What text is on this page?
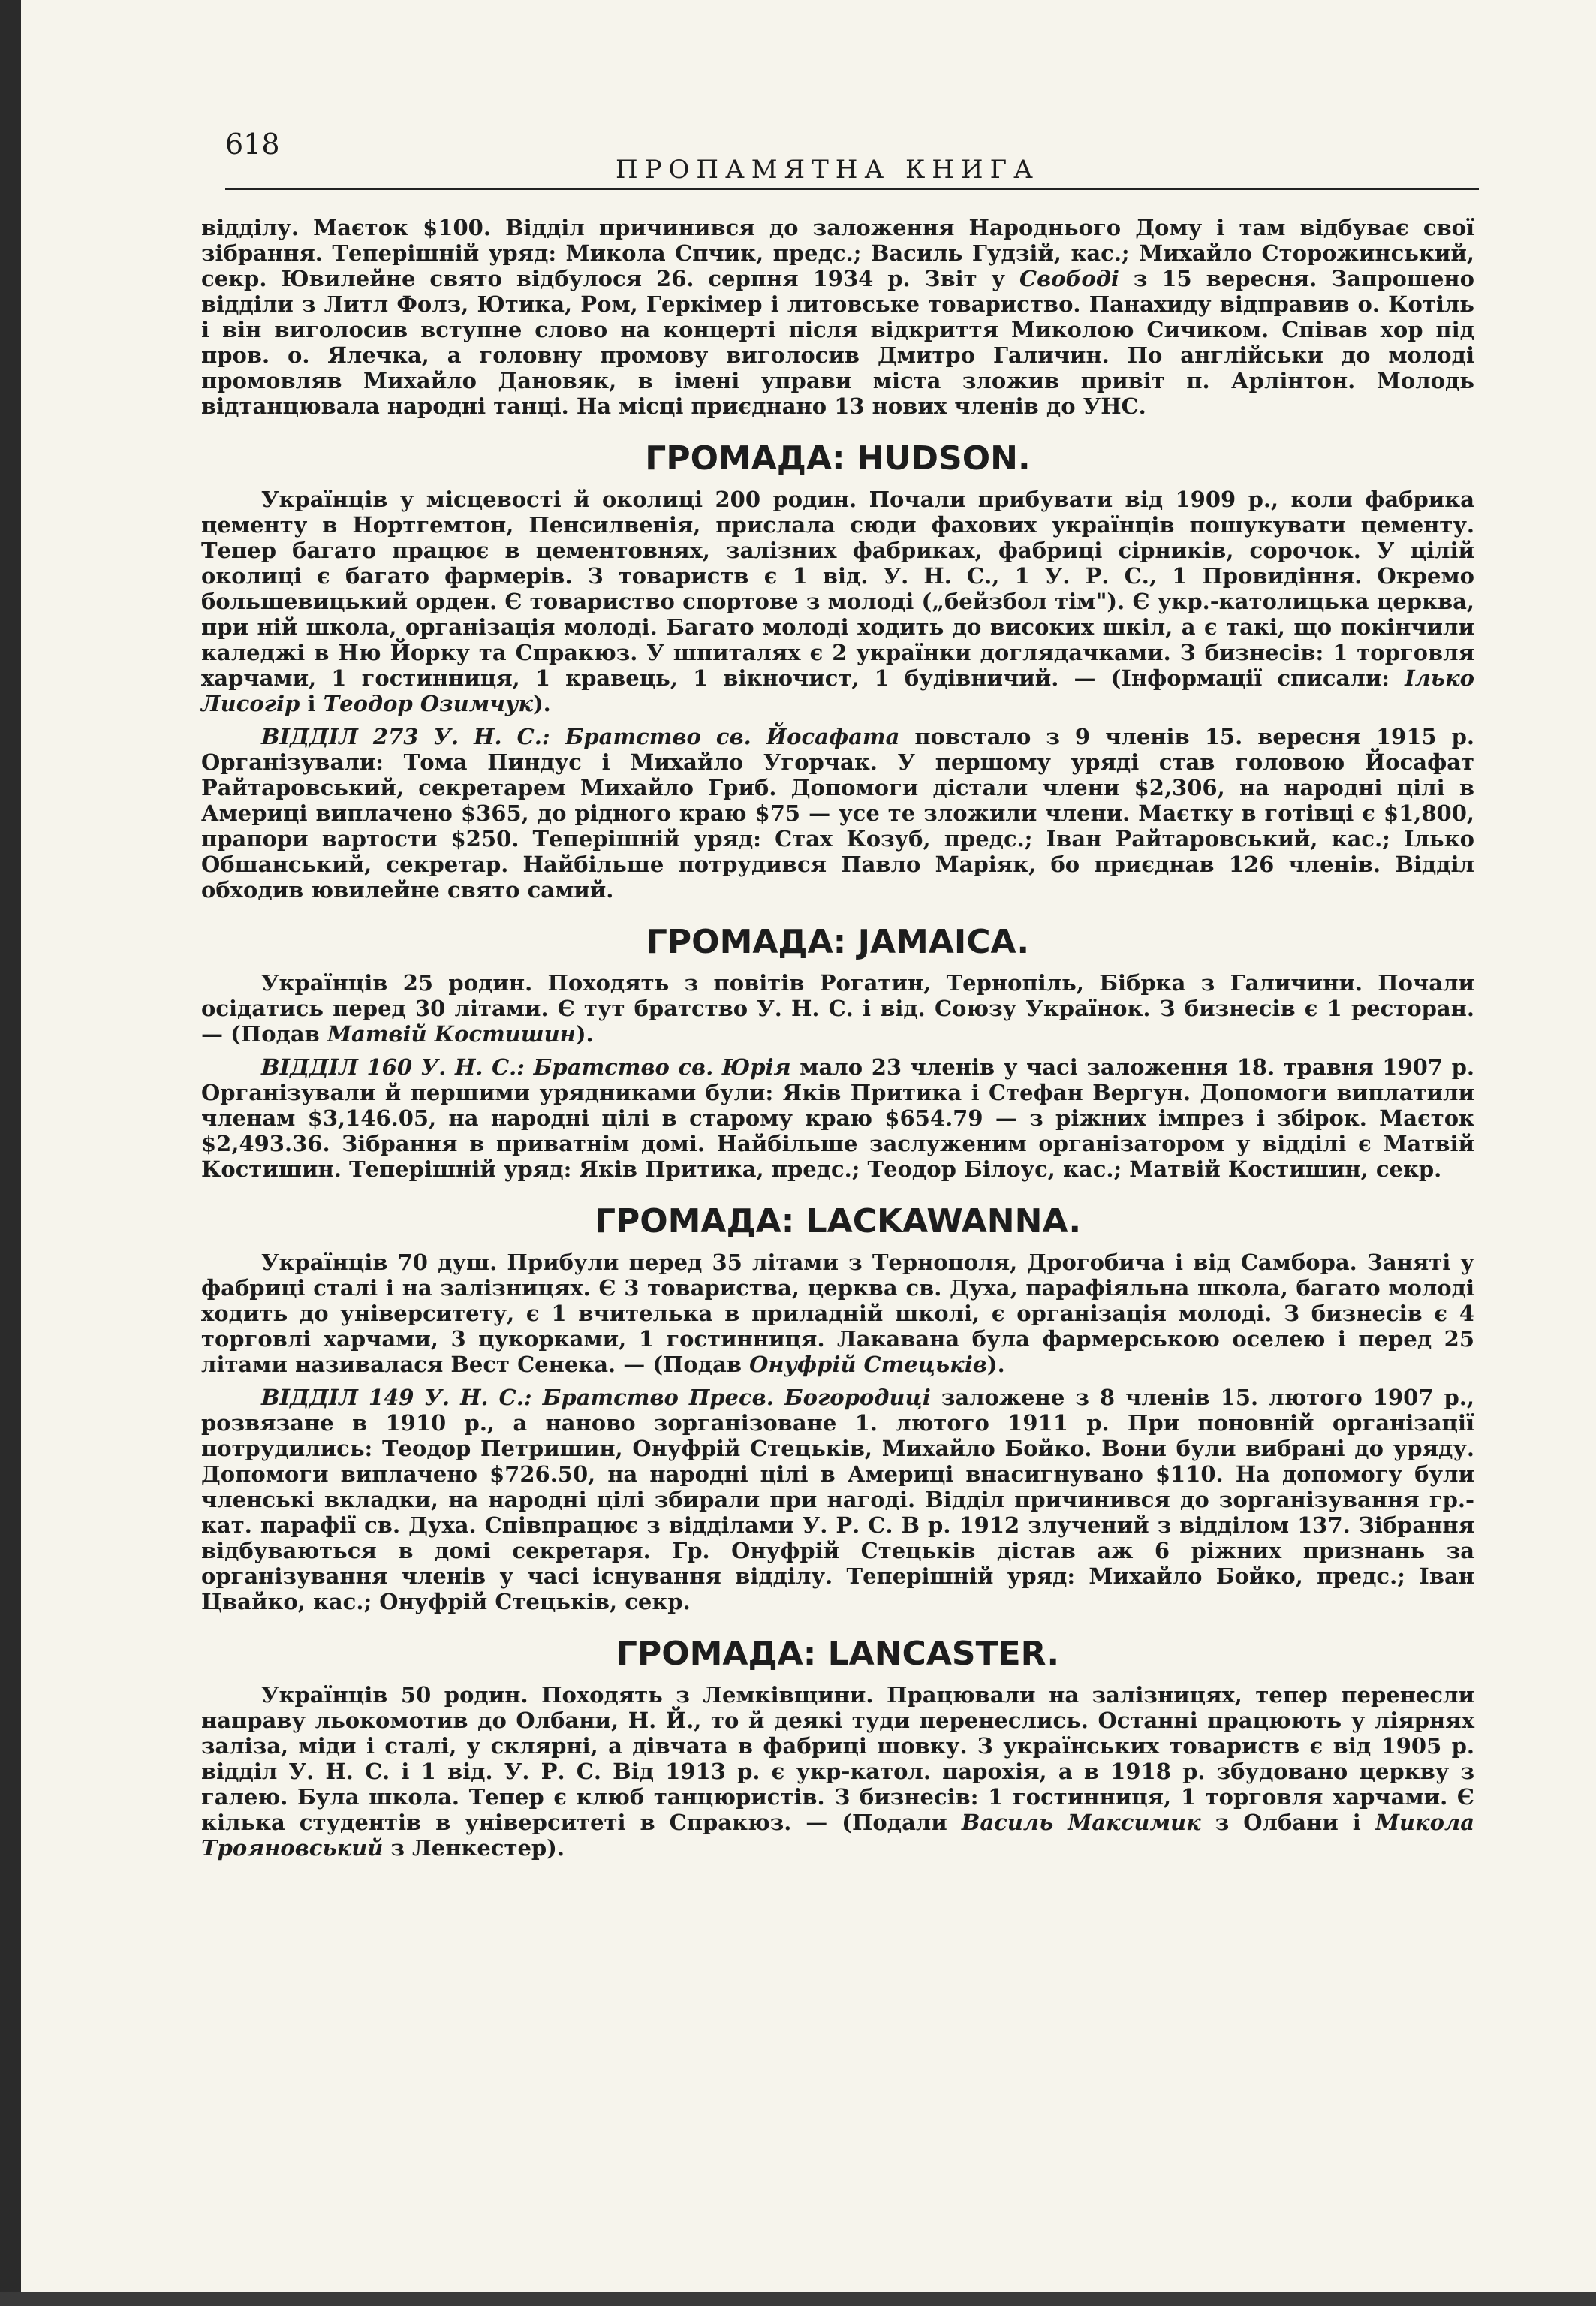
618
ПРОПАМЯТНА КНИГА

відділу. Маєток $100. Відділ причинився до заложення Народнього Дому і там відбуває свої зібрання. Теперішній уряд: Микола Спчик, предс.; Василь Гудзій, кас.; Михайло Сторожинський, секр. Ювилейне свято відбулося 26. серпня 1934 р. Звіт у Свободі з 15 вересня. Запрошено відділи з Литл Фолз, Ютика, Ром, Геркімер і литовське товариство. Панахиду відправив о. Котіль і він виголосив вступне слово на концерті після відкриття Миколою Сичиком. Співав хор під пров. о. Ялечка, а головну промову виголосив Дмитро Галичин. По англійськи до молоді промовляв Михайло Дановяк, в імені управи міста зложив привіт п. Арлінтон. Молодь відтанцювала народні танці. На місці приєднано 13 нових членів до УНС.

ГРОМАДА: HUDSON.

Українців у місцевості й околиці 200 родин. Почали прибувати від 1909 р., коли фабрика цементу в Нортгемтон, Пенсилвенія, прислала сюди фахових українців пошукувати цементу. Тепер багато працює в цементовнях, залізних фабриках, фабриці сірників, сорочок. У цілій околиці є багато фармерів. З товариств є 1 від. У. Н. С., 1 У. Р. С., 1 Провидіння. Окремо большевицький орден. Є товариство спортове з молоді („бейзбол тім"). Є укр.-католицька церква, при ній школа, організація молоді. Багато молоді ходить до високих шкіл, а є такі, що покінчили каледжі в Ню Йорку та Спракюз. У шпиталях є 2 українки доглядачками. З бизнесів: 1 торговля харчами, 1 гостинниця, 1 кравець, 1 вікночист, 1 будівничий. — (Інформації списали: Ілько Лисогір і Теодор Озимчук).

ВІДДІЛ 273 У. Н. С.: Братство св. Йосафата повстало з 9 членів 15. вересня 1915 р. Організували: Тома Пиндус і Михайло Угорчак. У першому уряді став головою Йосафат Райтаровський, секретарем Михайло Гриб. Допомоги дістали члени $2,306, на народні цілі в Америці виплачено $365, до рідного краю $75 — усе те зложили члени. Маєтку в готівці є $1,800, прапори вартости $250. Теперішній уряд: Стах Козуб, предс.; Іван Райтаровський, кас.; Ілько Обшанський, секретар. Найбільше потрудився Павло Маріяк, бо приєднав 126 членів. Відділ обходив ювилейне свято самий.

ГРОМАДА: JAMAICA.

Українців 25 родин. Походять з повітів Рогатин, Тернопіль, Бібрка з Галичини. Почали осідатись перед 30 літами. Є тут братство У. Н. С. і від. Союзу Українок. З бизнесів є 1 ресторан. — (Подав Матвій Костишин).

ВІДДІЛ 160 У. Н. С.: Братство св. Юрія мало 23 членів у часі заложення 18. травня 1907 р. Організували й першими урядниками були: Яків Притика і Стефан Вергун. Допомоги виплатили членам $3,146.05, на народні цілі в старому краю $654.79 — з ріжних імпрез і збірок. Маєток $2,493.36. Зібрання в приватнім домі. Найбільше заслуженим організатором у відділі є Матвій Костишин. Теперішній уряд: Яків Притика, предс.; Теодор Білоус, кас.; Матвій Костишин, секр.

ГРОМАДА: LACKAWANNA.

Українців 70 душ. Прибули перед 35 літами з Тернополя, Дрогобича і від Самбора. Заняті у фабриці сталі і на залізницях. Є 3 товариства, церква св. Духа, парафіяльна школа, багато молоді ходить до університету, є 1 вчителька в приладній школі, є організація молоді. З бизнесів є 4 торговлі харчами, 3 цукорками, 1 гостинниця. Лакавана була фармерською оселею і перед 25 літами називалася Вест Сенека. — (Подав Онуфрій Стецьків).

ВІДДІЛ 149 У. Н. С.: Братство Пресв. Богородиці заложене з 8 членів 15. лютого 1907 р., розвязане в 1910 р., а наново зорганізоване 1. лютого 1911 р. При поновній організації потрудились: Теодор Петришин, Онуфрій Стецьків, Михайло Бойко. Вони були вибрані до уряду. Допомоги виплачено $726.50, на народні цілі в Америці внасигнувано $110. На допомогу були членські вкладки, на народні цілі збирали при нагоді. Відділ причинився до зорганізування гр.-кат. парафії св. Духа. Співпрацює з відділами У. Р. С. В р. 1912 злучений з відділом 137. Зібрання відбуваються в домі секретаря. Гр. Онуфрій Стецьків дістав аж 6 ріжних признань за організування членів у часі існування відділу. Теперішній уряд: Михайло Бойко, предс.; Іван Цвайко, кас.; Онуфрій Стецьків, секр.

ГРОМАДА: LANCASTER.

Українців 50 родин. Походять з Лемківщини. Працювали на залізницях, тепер перенесли направу льокомотив до Олбани, Н. Й., то й деякі туди перенеслись. Останні працюють у ліярнях заліза, міди і сталі, у склярні, а дівчата в фабриці шовку. З українських товариств є від 1905 р. відділ У. Н. С. і 1 від. У. Р. С. Від 1913 р. є укр-катол. парохія, а в 1918 р. збудовано церкву з галею. Була школа. Тепер є клюб танцюристів. З бизнесів: 1 гостинниця, 1 торговля харчами. Є кілька студентів в університеті в Спракюз. — (Подали Василь Максимик з Олбани і Микола Трояновський з Ленкестер).
